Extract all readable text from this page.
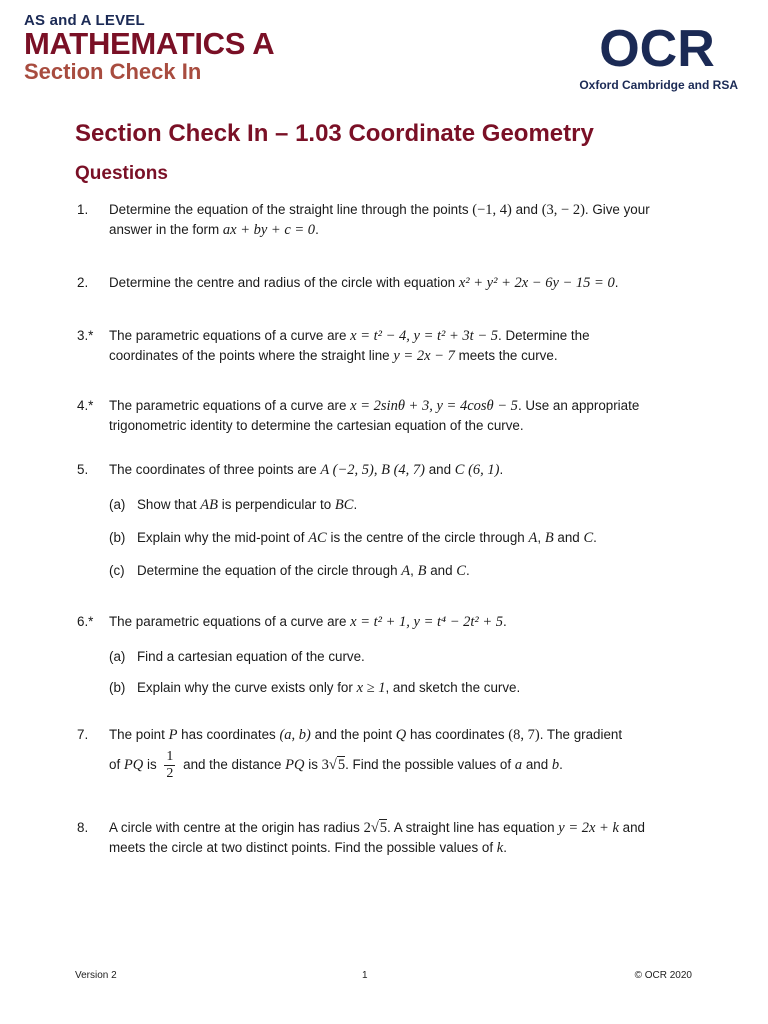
AS and A LEVEL
MATHEMATICS A
Section Check In	OCR
Oxford Cambridge and RSA
Section Check In – 1.03 Coordinate Geometry
Questions
1. Determine the equation of the straight line through the points (−1, 4) and (3, − 2). Give your
answer in the form ax + by + c = 0.
2. Determine the centre and radius of the circle with equation x² + y² + 2x − 6y − 15 = 0.
3.* The parametric equations of a curve are x = t² − 4, y = t² + 3t − 5. Determine the
coordinates of the points where the straight line y = 2x − 7 meets the curve.
4.* The parametric equations of a curve are x = 2sinθ + 3, y = 4cosθ − 5. Use an appropriate
trigonometric identity to determine the cartesian equation of the curve.
5. The coordinates of three points are A (−2, 5), B (4, 7) and C (6, 1).
(a) Show that AB is perpendicular to BC.
(b) Explain why the mid-point of AC is the centre of the circle through A, B and C.
(c) Determine the equation of the circle through A, B and C.
6.* The parametric equations of a curve are x = t² + 1, y = t⁴ − 2t² + 5.
(a) Find a cartesian equation of the curve.
(b) Explain why the curve exists only for x ≥ 1, and sketch the curve.
7. The point P has coordinates (a, b) and the point Q has coordinates (8, 7). The gradient
of PQ is $\frac{1}{2}$ and the distance PQ is 3√5. Find the possible values of a and b.
8. A circle with centre at the origin has radius 2√5. A straight line has equation y = 2x + k and
meets the circle at two distinct points. Find the possible values of k.
Version 2	1	© OCR 2020
